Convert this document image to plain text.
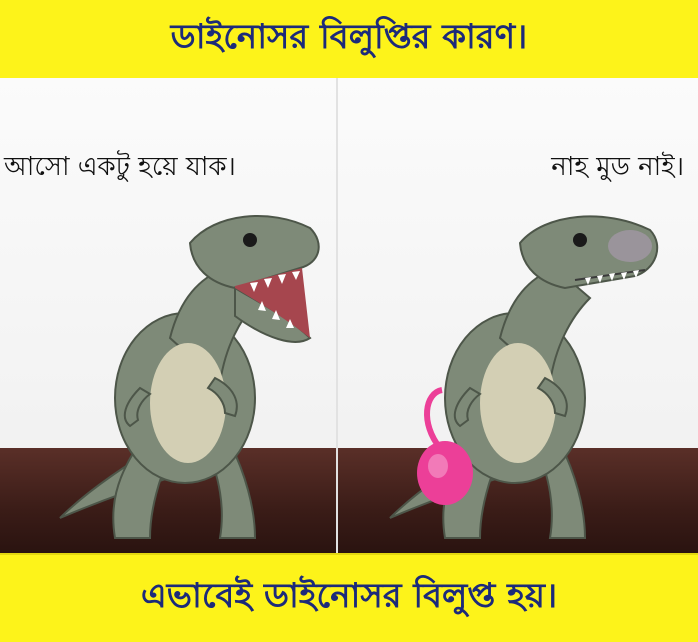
ডাইনোসর বিলুপ্তির কারণ।
আসো একটু হয়ে যাক।	নাহ মুড নাই।
এভাবেই ডাইনোসর বিলুপ্ত হয়।
